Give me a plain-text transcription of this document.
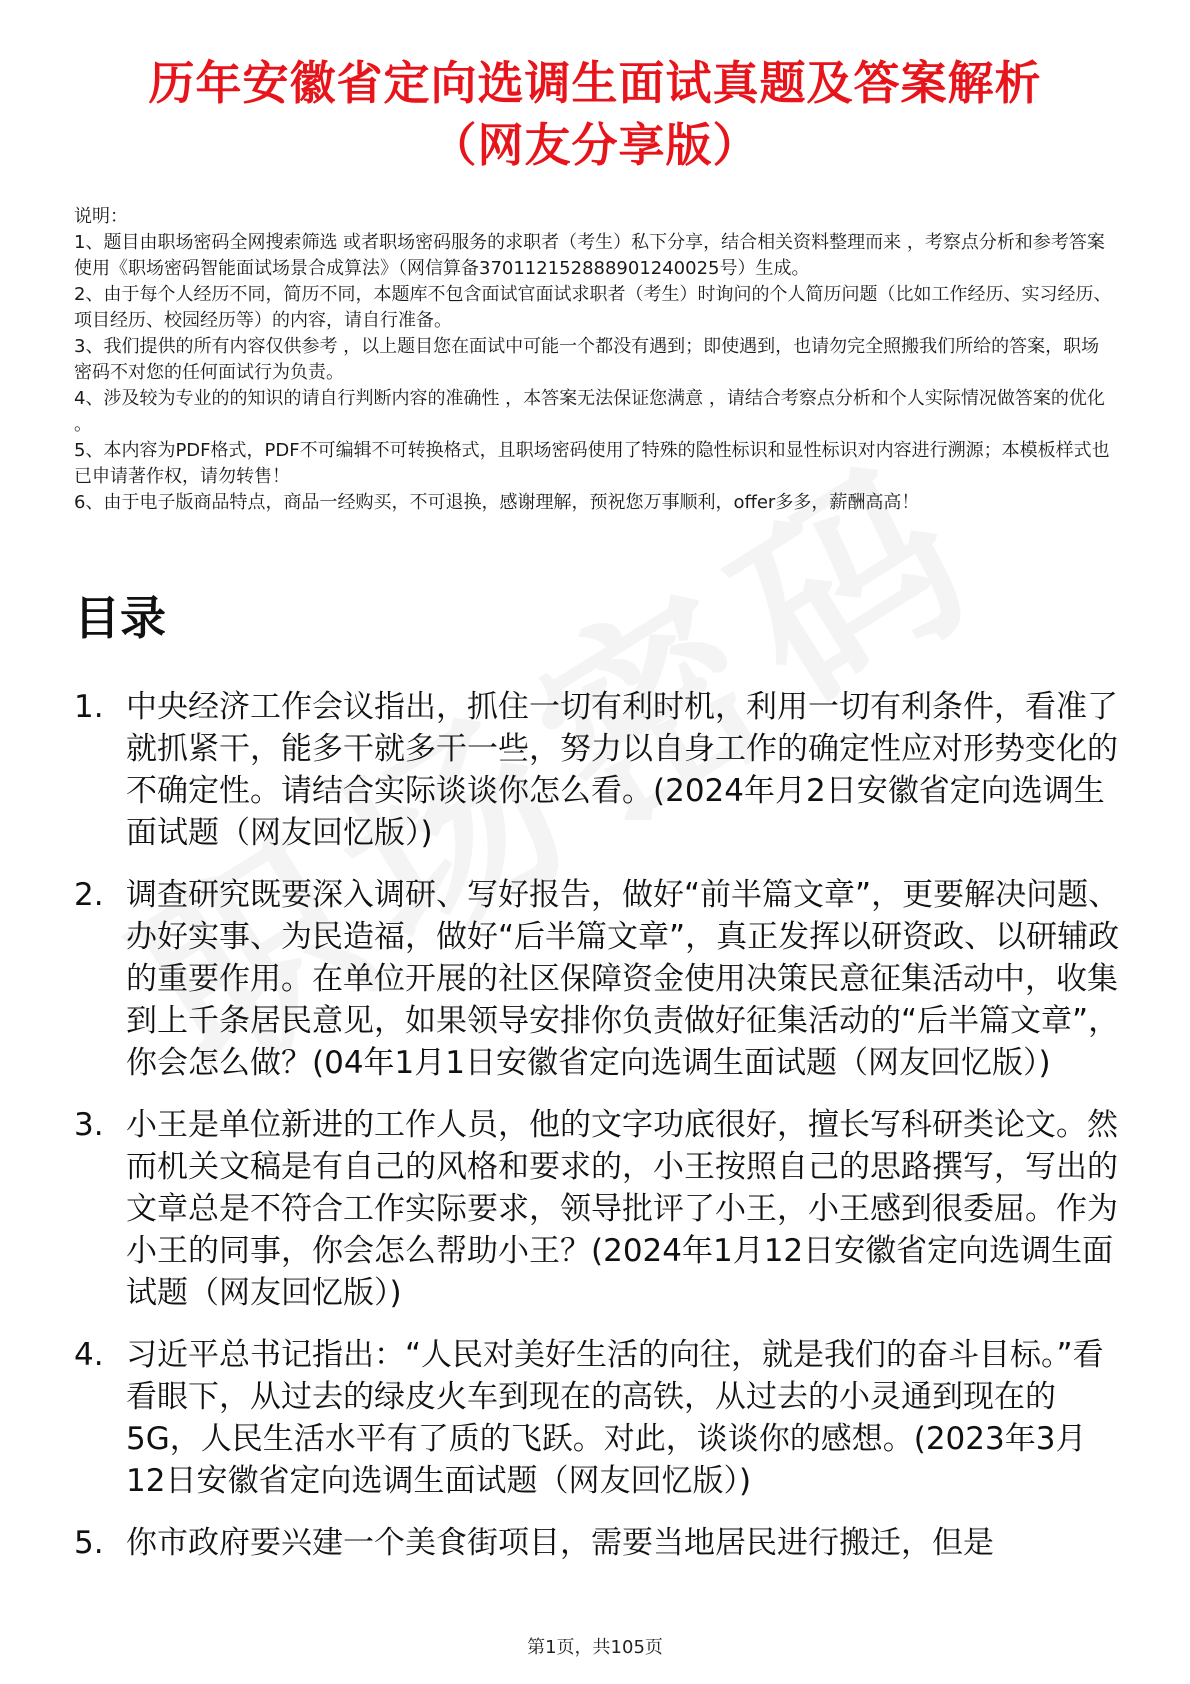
历年安徽省定向选调生面试真题及答案解析
（网友分享版）

说明：

1、题目由职场密码全网搜索筛选 或者职场密码服务的求职者（考生）私下分享，结合相关资料整理而来 ，考察点分析和参考答案使用《职场密码智能面试场景合成算法》（网信算备370112152888901240025号）生成。

2、由于每个人经历不同，简历不同，本题库不包含面试官面试求职者（考生）时询问的个人简历问题（比如工作经历、实习经历、项目经历、校园经历等）的内容，请自行准备。

3、我们提供的所有内容仅供参考 ，以上题目您在面试中可能一个都没有遇到；即使遇到，也请勿完全照搬我们所给的答案，职场密码不对您的任何面试行为负责。

4、涉及较为专业的的知识的请自行判断内容的准确性 ，本答案无法保证您满意 ，请结合考察点分析和个人实际情况做答案的优化 。

5、本内容为PDF格式，PDF不可编辑不可转换格式，且职场密码使用了特殊的隐性标识和显性标识对内容进行溯源；本模板样式也已申请著作权，请勿转售！

6、由于电子版商品特点，商品一经购买，不可退换，感谢理解，预祝您万事顺利，offer多多，薪酬高高！

目录
1. 中央经济工作会议指出，抓住一切有利时机，利用一切有利条件，看准了就抓紧干，能多干就多干一些，努力以自身工作的确定性应对形势变化的不确定性。请结合实际谈谈你怎么看。(2024年月2日安徽省定向选调生面试题（网友回忆版）)
2. 调查研究既要深入调研、写好报告，做好“前半篇文章”，更要解决问题、办好实事、为民造福，做好“后半篇文章”，真正发挥以研资政、以研辅政的重要作用。在单位开展的社区保障资金使用决策民意征集活动中，收集到上千条居民意见，如果领导安排你负责做好征集活动的“后半篇文章”，你会怎么做？(04年1月1日安徽省定向选调生面试题（网友回忆版）)
3. 小王是单位新进的工作人员，他的文字功底很好，擅长写科研类论文。然而机关文稿是有自己的风格和要求的，小王按照自己的思路撰写，写出的文章总是不符合工作实际要求，领导批评了小王，小王感到很委屈。作为小王的同事，你会怎么帮助小王？(2024年1月12日安徽省定向选调生面试题（网友回忆版）)
4. 习近平总书记指出：“人民对美好生活的向往，就是我们的奋斗目标。”看看眼下，从过去的绿皮火车到现在的高铁，从过去的小灵通到现在的5G，人民生活水平有了质的飞跃。对此，谈谈你的感想。(2023年3月12日安徽省定向选调生面试题（网友回忆版）)
5. 你市政府要兴建一个美食街项目，需要当地居民进行搬迁，但是
第1页，共105页
